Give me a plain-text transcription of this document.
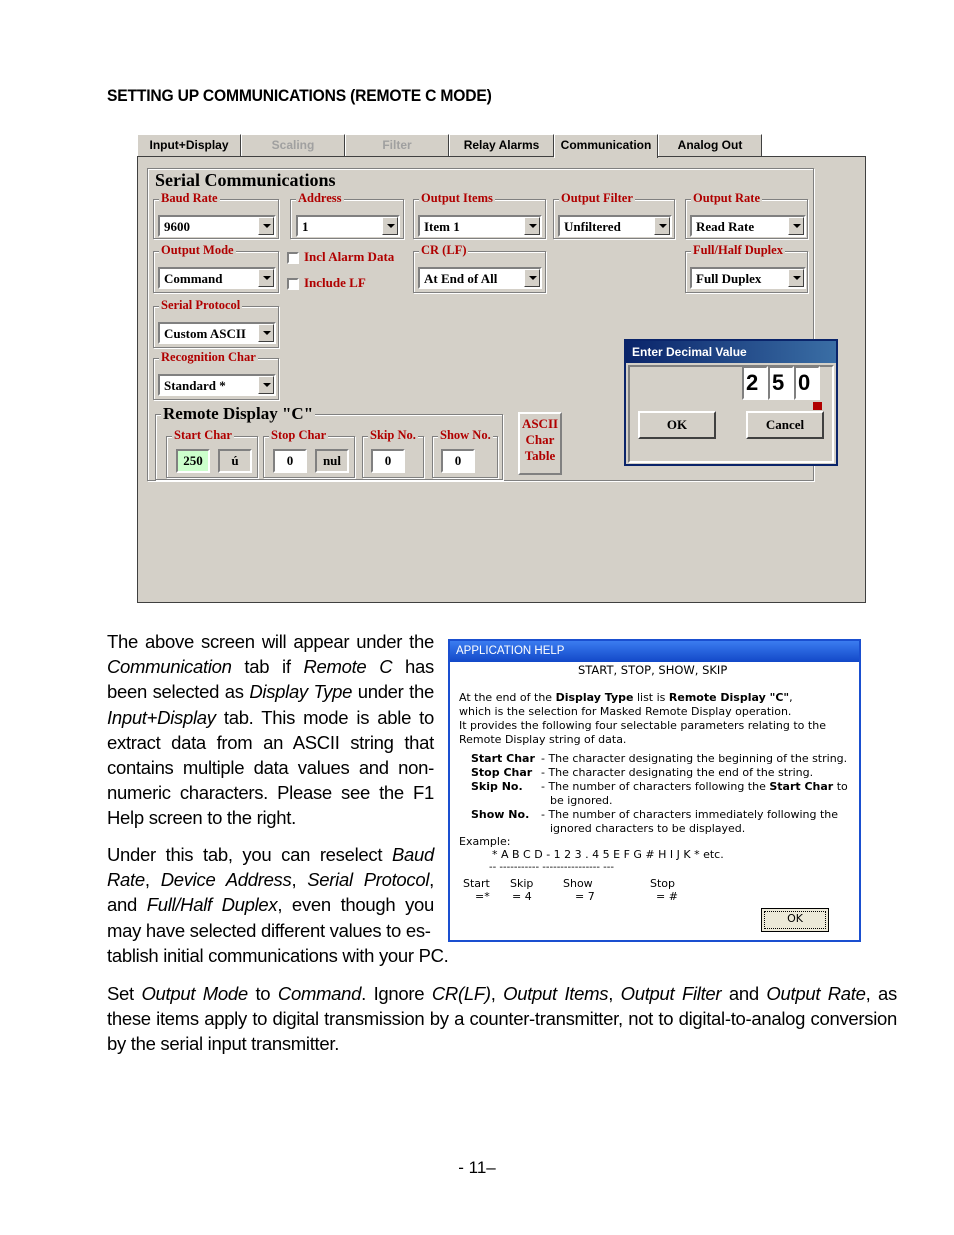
SETTING UP COMMUNICATIONS (REMOTE C MODE)
Input+Display	Scaling	Filter	Relay Alarms	Communication	Analog Out
Serial Communications
Baud Rate
9600
Address
1
Output Items
Item 1
Output Filter
Unfiltered
Output Rate
Read Rate
Output Mode
Command
Incl Alarm Data
Include LF
CR (LF)
At End of All
Full/Half Duplex
Full Duplex
Serial Protocol
Custom ASCII
Recognition Char
Standard *
Remote Display "C"
Start Char
250	ú
Stop Char
0	nul
Skip No.
0
Show No.
0
ASCII
Char
Table
Enter Decimal Value
2 5 0
OK	Cancel
The above screen will appear under the Communication tab if Remote C has been selected as Display Type under the Input+Display tab. This mode is able to extract data from an ASCII string that contains multiple data values and non-numeric characters. Please see the F1 Help screen to the right.
Under this tab, you can reselect Baud Rate, Device Address, Serial Protocol, and Full/Half Duplex, even though you may have selected different values to es-
tablish initial communications with your PC.
Set Output Mode to Command. Ignore CR(LF), Output Items, Output Filter and Output Rate, as these items apply to digital transmission by a counter-transmitter, not to digital-to-analog conversion by the serial input transmitter.
APPLICATION HELP
START, STOP, SHOW, SKIP
At the end of the Display Type list is Remote Display "C",
which is the selection for Masked Remote Display operation.
It provides the following four selectable parameters relating to the
Remote Display string of data.
Start Char - The character designating the beginning of the string.
Stop Char - The character designating the end of the string.
Skip No. - The number of characters following the Start Char to
be ignored.
Show No. - The number of characters immediately following the
ignored characters to be displayed.
Example:
* A B C D - 1 2 3 . 4 5 E F G # H I J K * etc.
-- ----------- ---------------- ---
Start
=*
Skip
= 4
Show
= 7
Stop
= #
OK
- 11–
